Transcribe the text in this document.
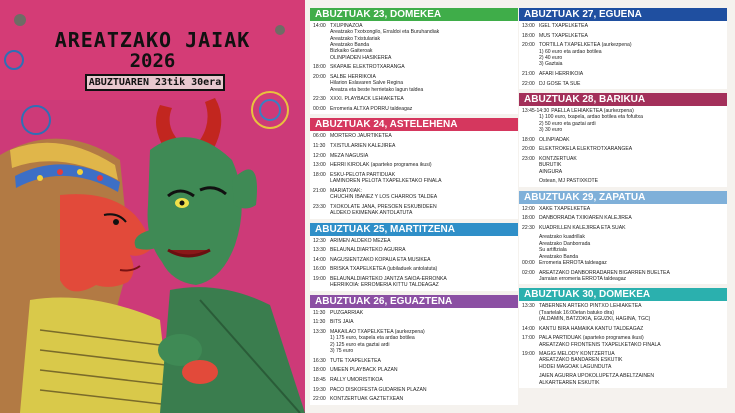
AREATZAKO JAIAK
2026
ABUZTUAREN 23tik 30era
ABUZTUAK 23, DOMEKEA
14:00 TXUPINAZOA
Areatzako Txotxongilo, Erraldoi eta Buruhandiak
Areatzako Txistulariak
Areatzako Banda
Bizkaiko Gaiteroak
OLINPIADEN HASIKEREA
18:00 SKAPAIE ELEKTROTXARANGA
20:00 SALBE HERRIKOIA
Hilarion Eslavaren Salve Regina
Areatza eta beste herrietako lagun taldea
22:30 XXXI. PLAYBACK LEHIAKETEA
00:00 Erromeria ALTXA PORRU taldeagaz
ABUZTUAK 24, ASTELEHENA
06:00 MORTERO JAURTIKETEA
11:30 TXISTULARIEN KALEJIREA
12:00 MEZA NAGUSIA
13:00 HERRI KIROLAK (aparteko programea ikusi)
18:00 ESKU-PELOTA PARTIDUAK
LAMINOREN PELOTA TXAPELKETAKO FINALA
21:00 MARIATXIAK:
CHUCHIN IBAÑEZ Y LOS CHARROS TALDEA
23:30 TXOKOLATE JANA, PRESOEN ESKUBIDEEN
ALDEKO EKIMENAK ANTOLATUTA
ABUZTUAK 25, MARTITZENA
12:30 ARIMEN ALDEKO MEZEA
13:30 BELAUNALDIARTEKO AGURRA
14:00 NAGUSIENTZAKO KOPAUA ETA MUSIKEA
16:00 BRISKA TXAPELKETEA (jubiladuek antolatuta)
19:00 BELAUNALDIARTEKO JANTZA SAIOA-ERRONKA
HERRIKOIA: ERROMERIA KITTU TALDEAGAZ
ABUZTUAK 26, EGUAZTENA
11:30 PUZGARRIAK
11:30 BITS JAIA
13:30 MAKAILAO TXAPELKETEA (aurkezpena)
1) 175 euro, txapela eta ardao botilea
2) 125 euro eta gaztai ardi
3) 75 euro
16:30 TUTE TXAPELKETEA
18:00 UMEEN PLAYBACK PLAZAN
18:45 RALLY UMORISTIKOA
19:30 PACO DISKOFESTA GUDARIEN PLAZAN
22:00 KONTZERTUAK GAZTETXEAN
ABUZTUAK 27, EGUENA
13:00 IGEL TXAPELKETEA
18:00 MUS TXAPELKETEA
20:00 TORTILLA TXAPELKETEA (aurkezpena)
1) 60 euro eta ardao botilea
2) 40 euro
3) Gaztaia
21:00 AFARI HERRIKOIA
22:00 DJ GOSE TA SUE
ABUZTUAK 28, BARIKUA
13:45-14:30 PAELLA LEHIAKETEA (aurkezpena)
1) 100 euro, txapela, ardao botilea eta fofuitxa
2) 50 euro eta gaztai ardi
3) 30 euro
18:00 OLINPIADAK
20:00 ELEKTROKELA ELEKTROTXARANGEA
23:00 KONTZERTUAK
BURUTIK
AINGURA
Ostean, MJ PASTIXKOTE
ABUZTUAK 29, ZAPATUA
12:00 XAKE TXAPELKETEA
18:00 DANBORRADA TXIKIAREN KALEJIREA
22:30 KUADRILLEN KALEJIREA ETA SUAK
Areatzako kuadrillak
Areatzako Danborrada
Su artifiziala
Areatzako Banda
00:00 Erromeria ERROTA taldeagaz
02:00 AREATZAKO DANBORRADAREN BIGARREN BUELTEA
Jarraian erromeria ERROTA taldeagaz
ABUZTUAK 30, DOMEKEA
13:30 TABERNEN ARTEKO PINTXO LEHIAKETEA
(Txartelak 16:00etan batuko dira)
(ALDAMIN, BATZOKIA, EGUZKI, HAGINA, TGC)
14:00 KANTU BIRA HAMAIKA KANTU TALDEAGAZ
17:00 PALA PARTIDUAK (aparteko programea ikusi)
AREATZAKO FRONTENIS TXAPELKETAKO FINALA
19:00 MAGIG MELODY KONTZERTUA
AREATZAKO BANDAREN ESKUTIK
HODEI MAGOAK LAGUNDUTA
JAIEN AGURRA UPOKOLUPETZA ABELTZAINEN
ALKARTEAREN ESKUTIK
